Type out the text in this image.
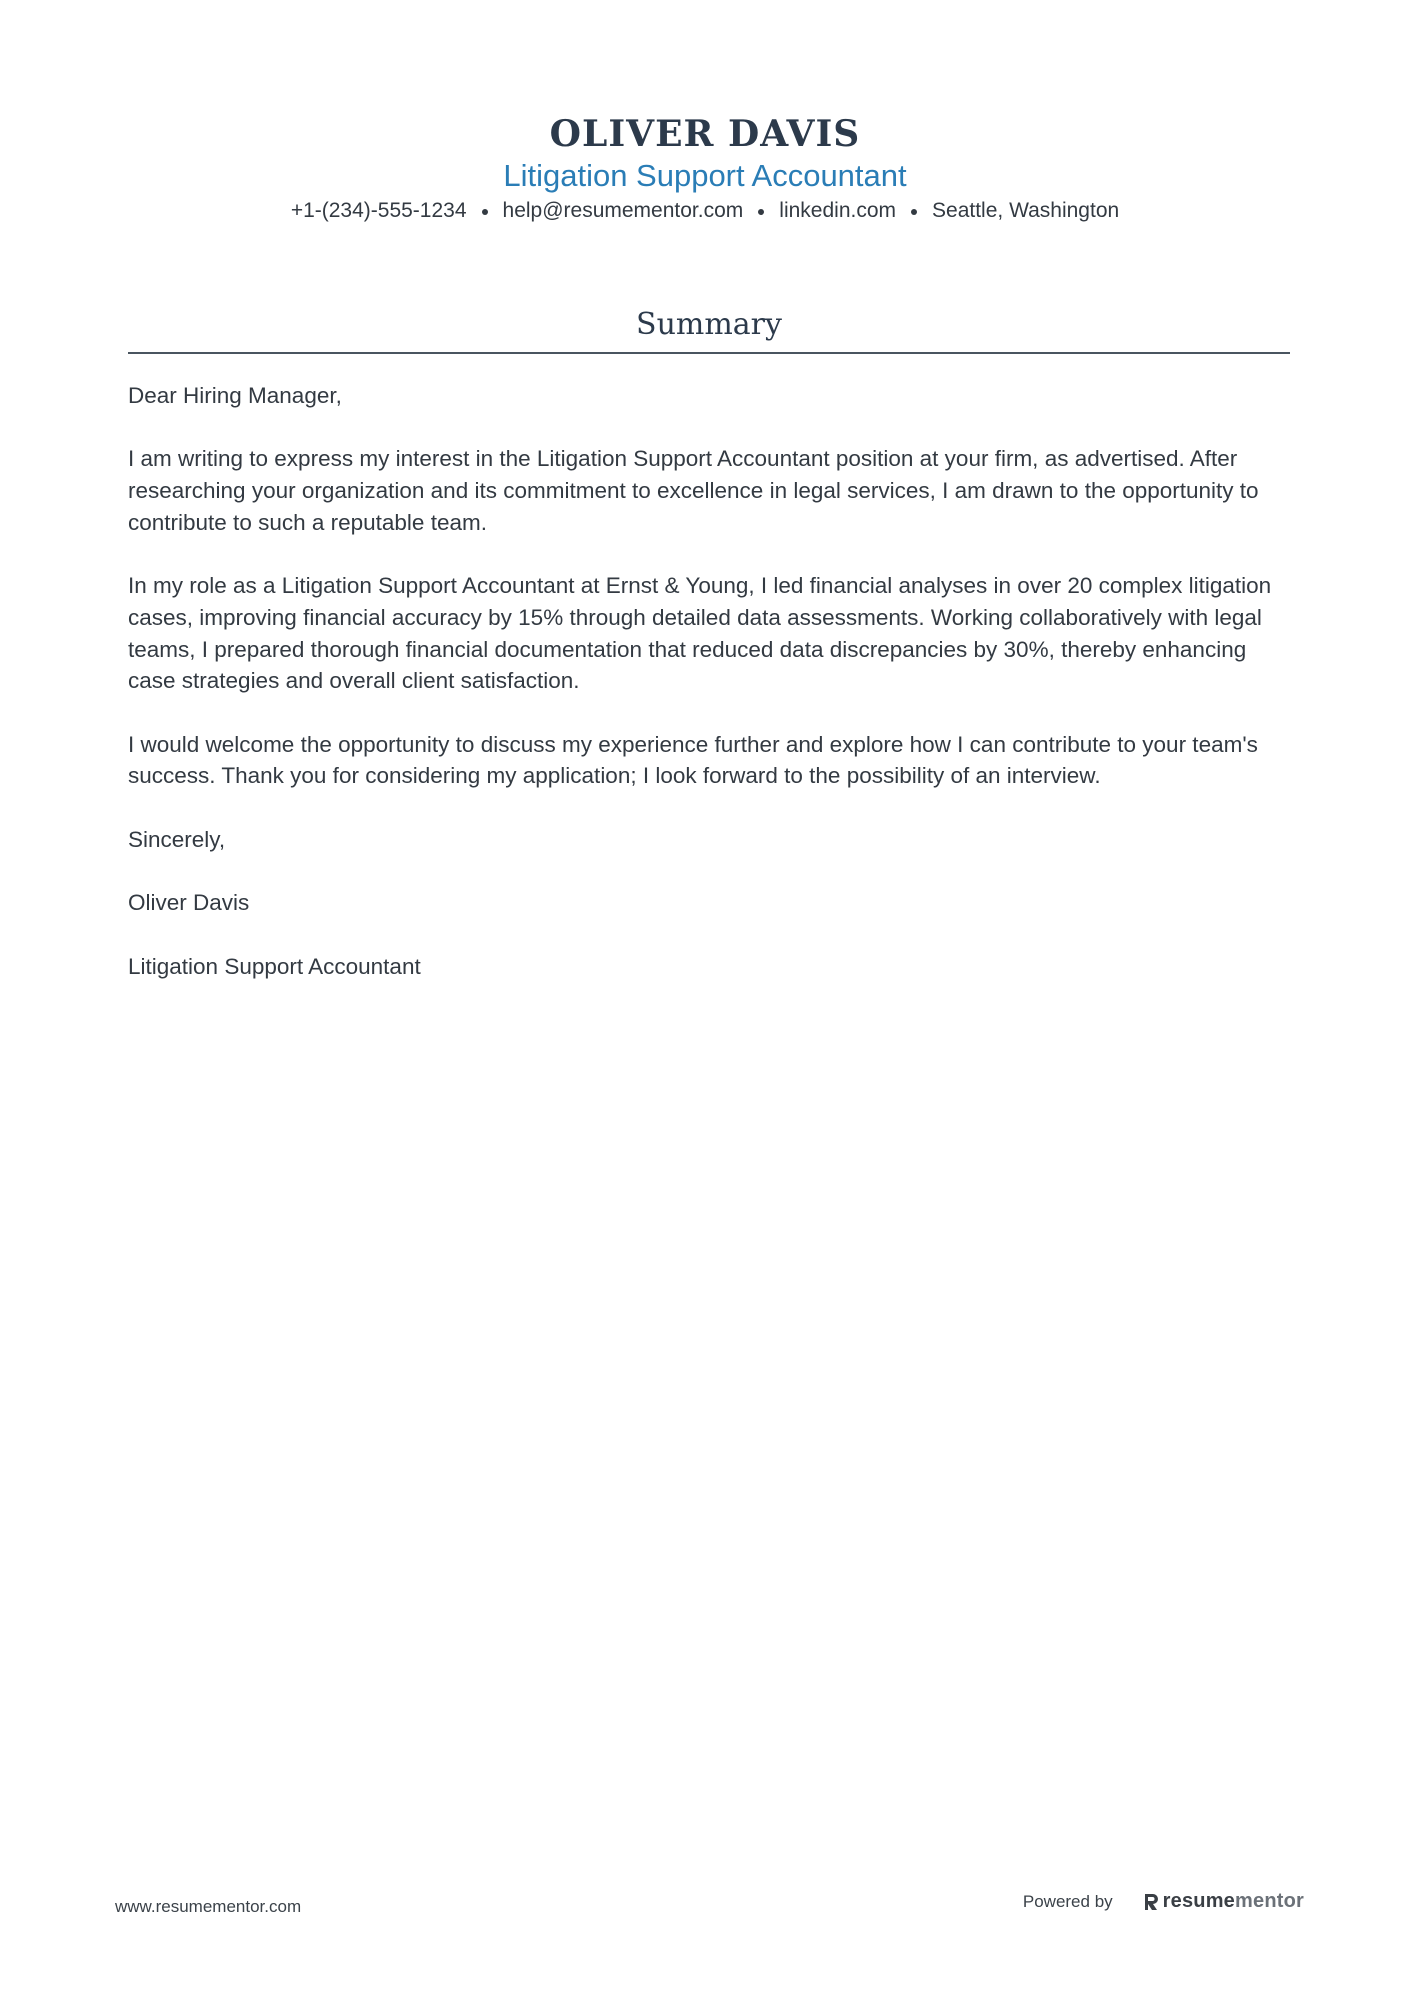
OLIVER DAVIS
Litigation Support Accountant
+1-(234)-555-1234 help@resumementor.com linkedin.com Seattle, Washington
Summary

Dear Hiring Manager,

I am writing to express my interest in the Litigation Support Accountant position at your firm, as advertised. After researching your organization and its commitment to excellence in legal services, I am drawn to the opportunity to contribute to such a reputable team.

In my role as a Litigation Support Accountant at Ernst & Young, I led financial analyses in over 20 complex litigation cases, improving financial accuracy by 15% through detailed data assessments. Working collaboratively with legal teams, I prepared thorough financial documentation that reduced data discrepancies by 30%, thereby enhancing case strategies and overall client satisfaction.

I would welcome the opportunity to discuss my experience further and explore how I can contribute to your team's success. Thank you for considering my application; I look forward to the possibility of an interview.

Sincerely,

Oliver Davis

Litigation Support Accountant

www.resumementor.com	Powered by	resumementor
